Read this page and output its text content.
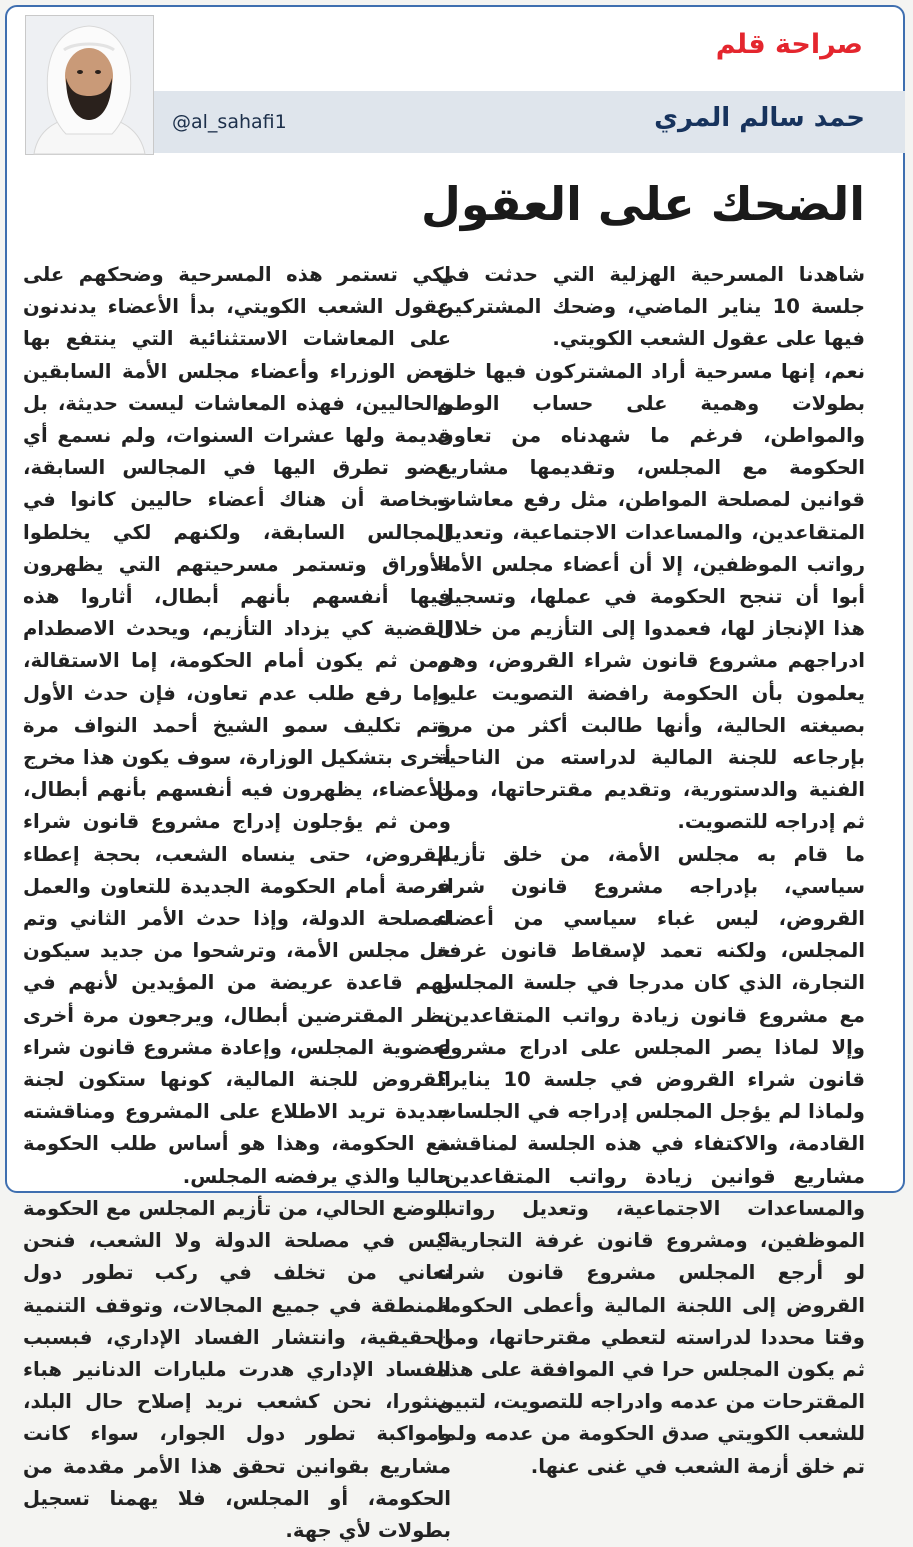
صراحة قلم
حمد سالم المري
@al_sahafi1
الضحك على العقول

شاهدنا المسرحية الهزلية التي حدثت في جلسة 10 يناير الماضي، وضحك المشتركين فيها على عقول الشعب الكويتي.

نعم، إنها مسرحية أراد المشتركون فيها خلق بطولات وهمية على حساب الوطن والمواطن، فرغم ما شهدناه من تعاون الحكومة مع المجلس، وتقديمها مشاريع قوانين لمصلحة المواطن، مثل رفع معاشات المتقاعدين، والمساعدات الاجتماعية، وتعديل رواتب الموظفين، إلا أن أعضاء مجلس الأمة أبوا أن تنجح الحكومة في عملها، وتسجيل هذا الإنجاز لها، فعمدوا إلى التأزيم من خلال ادراجهم مشروع قانون شراء القروض، وهم يعلمون بأن الحكومة رافضة التصويت عليه بصيغته الحالية، وأنها طالبت أكثر من مرة بإرجاعه للجنة المالية لدراسته من الناحية الفنية والدستورية، وتقديم مقترحاتها، ومن ثم إدراجه للتصويت.

ما قام به مجلس الأمة، من خلق تأزيم سياسي، بإدراجه مشروع قانون شراء القروض، ليس غباء سياسي من أعضاء المجلس، ولكنه تعمد لإسقاط قانون غرفة التجارة، الذي كان مدرجا في جلسة المجلس مع مشروع قانون زيادة رواتب المتقاعدين، وإلا لماذا يصر المجلس على ادراج مشروع قانون شراء القروض في جلسة 10 يناير؟ ولماذا لم يؤجل المجلس إدراجه في الجلسات القادمة، والاكتفاء في هذه الجلسة لمناقشة مشاريع قوانين زيادة رواتب المتقاعدين، والمساعدات الاجتماعية، وتعديل رواتب الموظفين، ومشروع قانون غرفة التجارية؟ لو أرجع المجلس مشروع قانون شراء القروض إلى اللجنة المالية وأعطى الحكومة وقتا محددا لدراسته لتعطي مقترحاتها، ومن ثم يكون المجلس حرا في الموافقة على هذه المقترحات من عدمه وادراجه للتصويت، لتبين للشعب الكويتي صدق الحكومة من عدمه ولما تم خلق أزمة الشعب في غنى عنها.

لكي تستمر هذه المسرحية وضحكهم على عقول الشعب الكويتي، بدأ الأعضاء يدندنون على المعاشات الاستثنائية التي ينتفع بها بعض الوزراء وأعضاء مجلس الأمة السابقين والحاليين، فهذه المعاشات ليست حديثة، بل قديمة ولها عشرات السنوات، ولم نسمع أي عضو تطرق اليها في المجالس السابقة، وبخاصة أن هناك أعضاء حاليين كانوا في المجالس السابقة، ولكنهم لكي يخلطوا الأوراق وتستمر مسرحيتهم التي يظهرون فيها أنفسهم بأنهم أبطال، أثاروا هذه القضية كي يزداد التأزيم، ويحدث الاصطدام ومن ثم يكون أمام الحكومة، إما الاستقالة، وإما رفع طلب عدم تعاون، فإن حدث الأول وتم تكليف سمو الشيخ أحمد النواف مرة أخرى بتشكيل الوزارة، سوف يكون هذا مخرج للأعضاء، يظهرون فيه أنفسهم بأنهم أبطال، ومن ثم يؤجلون إدراج مشروع قانون شراء القروض، حتى ينساه الشعب، بحجة إعطاء فرصة أمام الحكومة الجديدة للتعاون والعمل لمصلحة الدولة، وإذا حدث الأمر الثاني وتم حل مجلس الأمة، وترشحوا من جديد سيكون لهم قاعدة عريضة من المؤيدين لأنهم في نظر المقترضين أبطال، ويرجعون مرة أخرى لعضوية المجلس، وإعادة مشروع قانون شراء القروض للجنة المالية، كونها ستكون لجنة جديدة تريد الاطلاع على المشروع ومناقشته مع الحكومة، وهذا هو أساس طلب الحكومة حاليا والذي يرفضه المجلس.

الوضع الحالي، من تأزيم المجلس مع الحكومة ليس في مصلحة الدولة ولا الشعب، فنحن نعاني من تخلف في ركب تطور دول المنطقة في جميع المجالات، وتوقف التنمية الحقيقية، وانتشار الفساد الإداري، فبسبب الفساد الإداري هدرت مليارات الدنانير هباء منثورا، نحن كشعب نريد إصلاح حال البلد، ومواكبة تطور دول الجوار، سواء كانت مشاريع بقوانين تحقق هذا الأمر مقدمة من الحكومة، أو المجلس، فلا يهمنا تسجيل بطولات لأي جهة.
